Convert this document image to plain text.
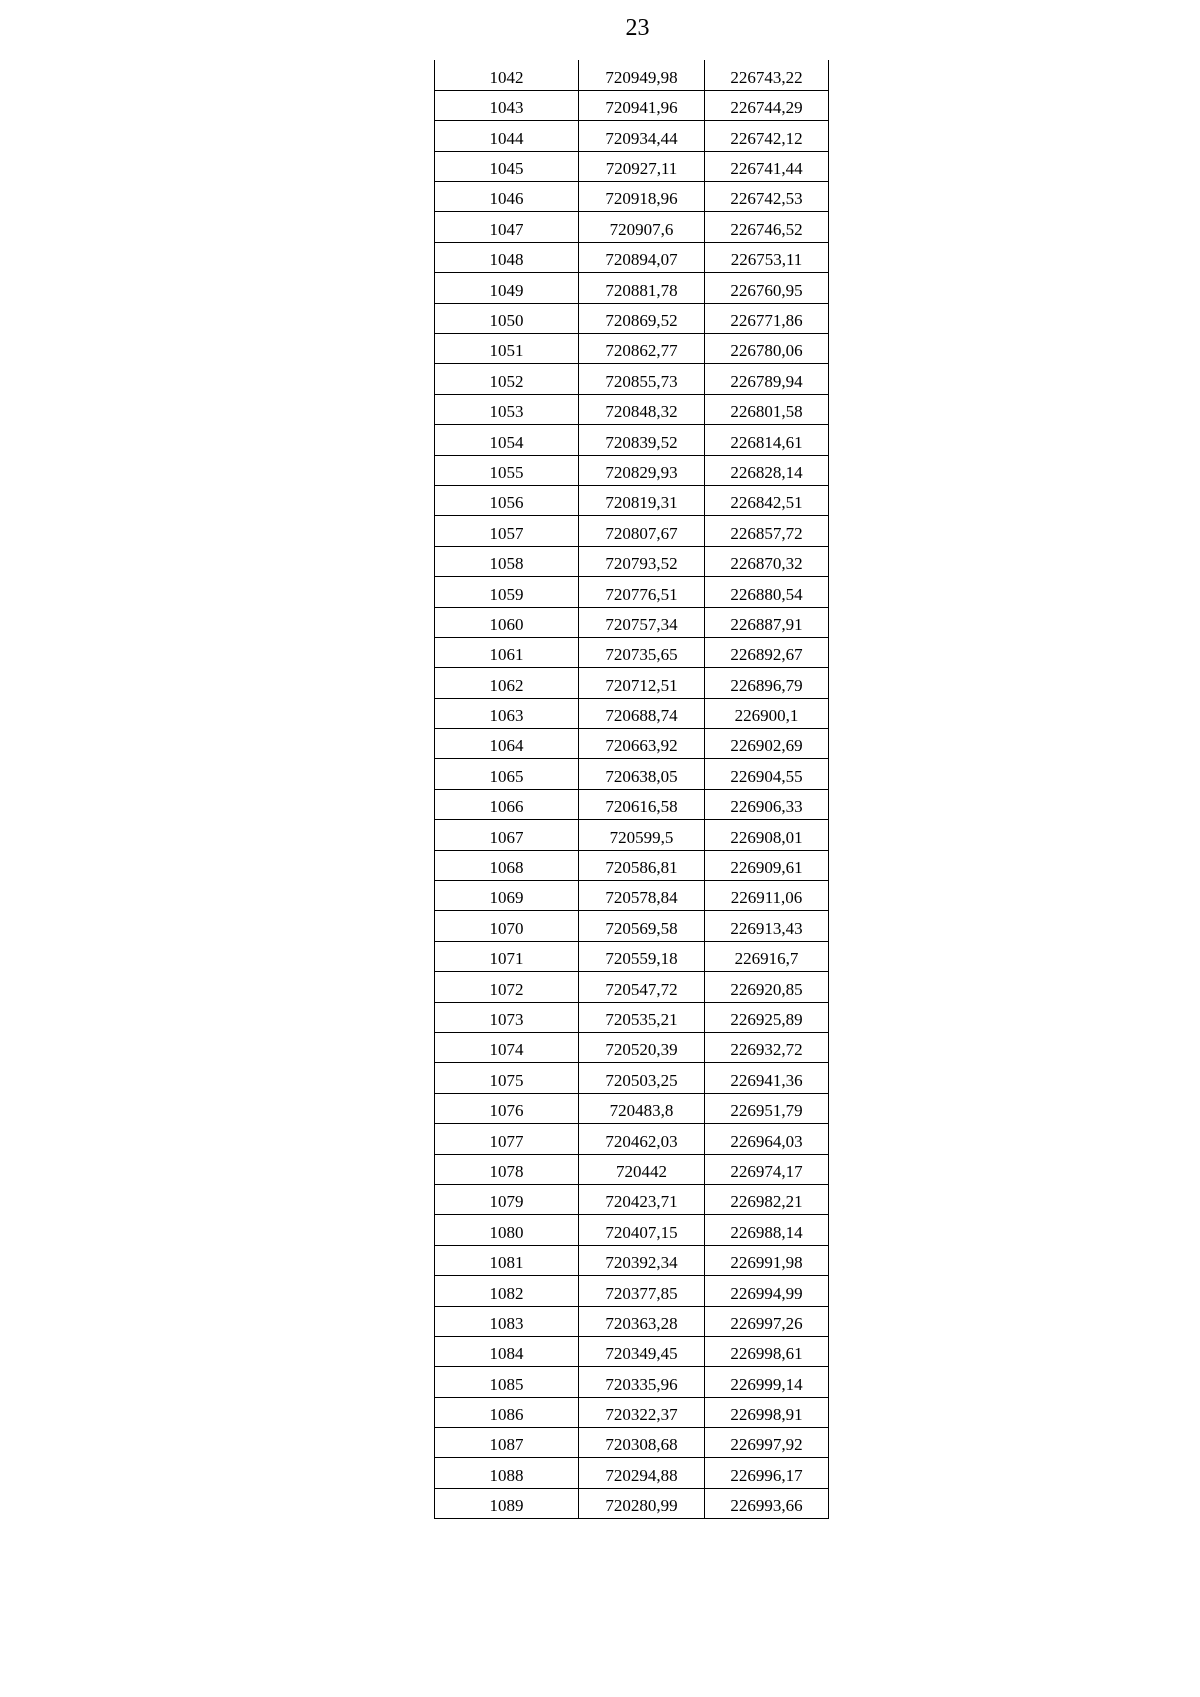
23
1042	720949,98	226743,22
1043	720941,96	226744,29
1044	720934,44	226742,12
1045	720927,11	226741,44
1046	720918,96	226742,53
1047	720907,6	226746,52
1048	720894,07	226753,11
1049	720881,78	226760,95
1050	720869,52	226771,86
1051	720862,77	226780,06
1052	720855,73	226789,94
1053	720848,32	226801,58
1054	720839,52	226814,61
1055	720829,93	226828,14
1056	720819,31	226842,51
1057	720807,67	226857,72
1058	720793,52	226870,32
1059	720776,51	226880,54
1060	720757,34	226887,91
1061	720735,65	226892,67
1062	720712,51	226896,79
1063	720688,74	226900,1
1064	720663,92	226902,69
1065	720638,05	226904,55
1066	720616,58	226906,33
1067	720599,5	226908,01
1068	720586,81	226909,61
1069	720578,84	226911,06
1070	720569,58	226913,43
1071	720559,18	226916,7
1072	720547,72	226920,85
1073	720535,21	226925,89
1074	720520,39	226932,72
1075	720503,25	226941,36
1076	720483,8	226951,79
1077	720462,03	226964,03
1078	720442	226974,17
1079	720423,71	226982,21
1080	720407,15	226988,14
1081	720392,34	226991,98
1082	720377,85	226994,99
1083	720363,28	226997,26
1084	720349,45	226998,61
1085	720335,96	226999,14
1086	720322,37	226998,91
1087	720308,68	226997,92
1088	720294,88	226996,17
1089	720280,99	226993,66
